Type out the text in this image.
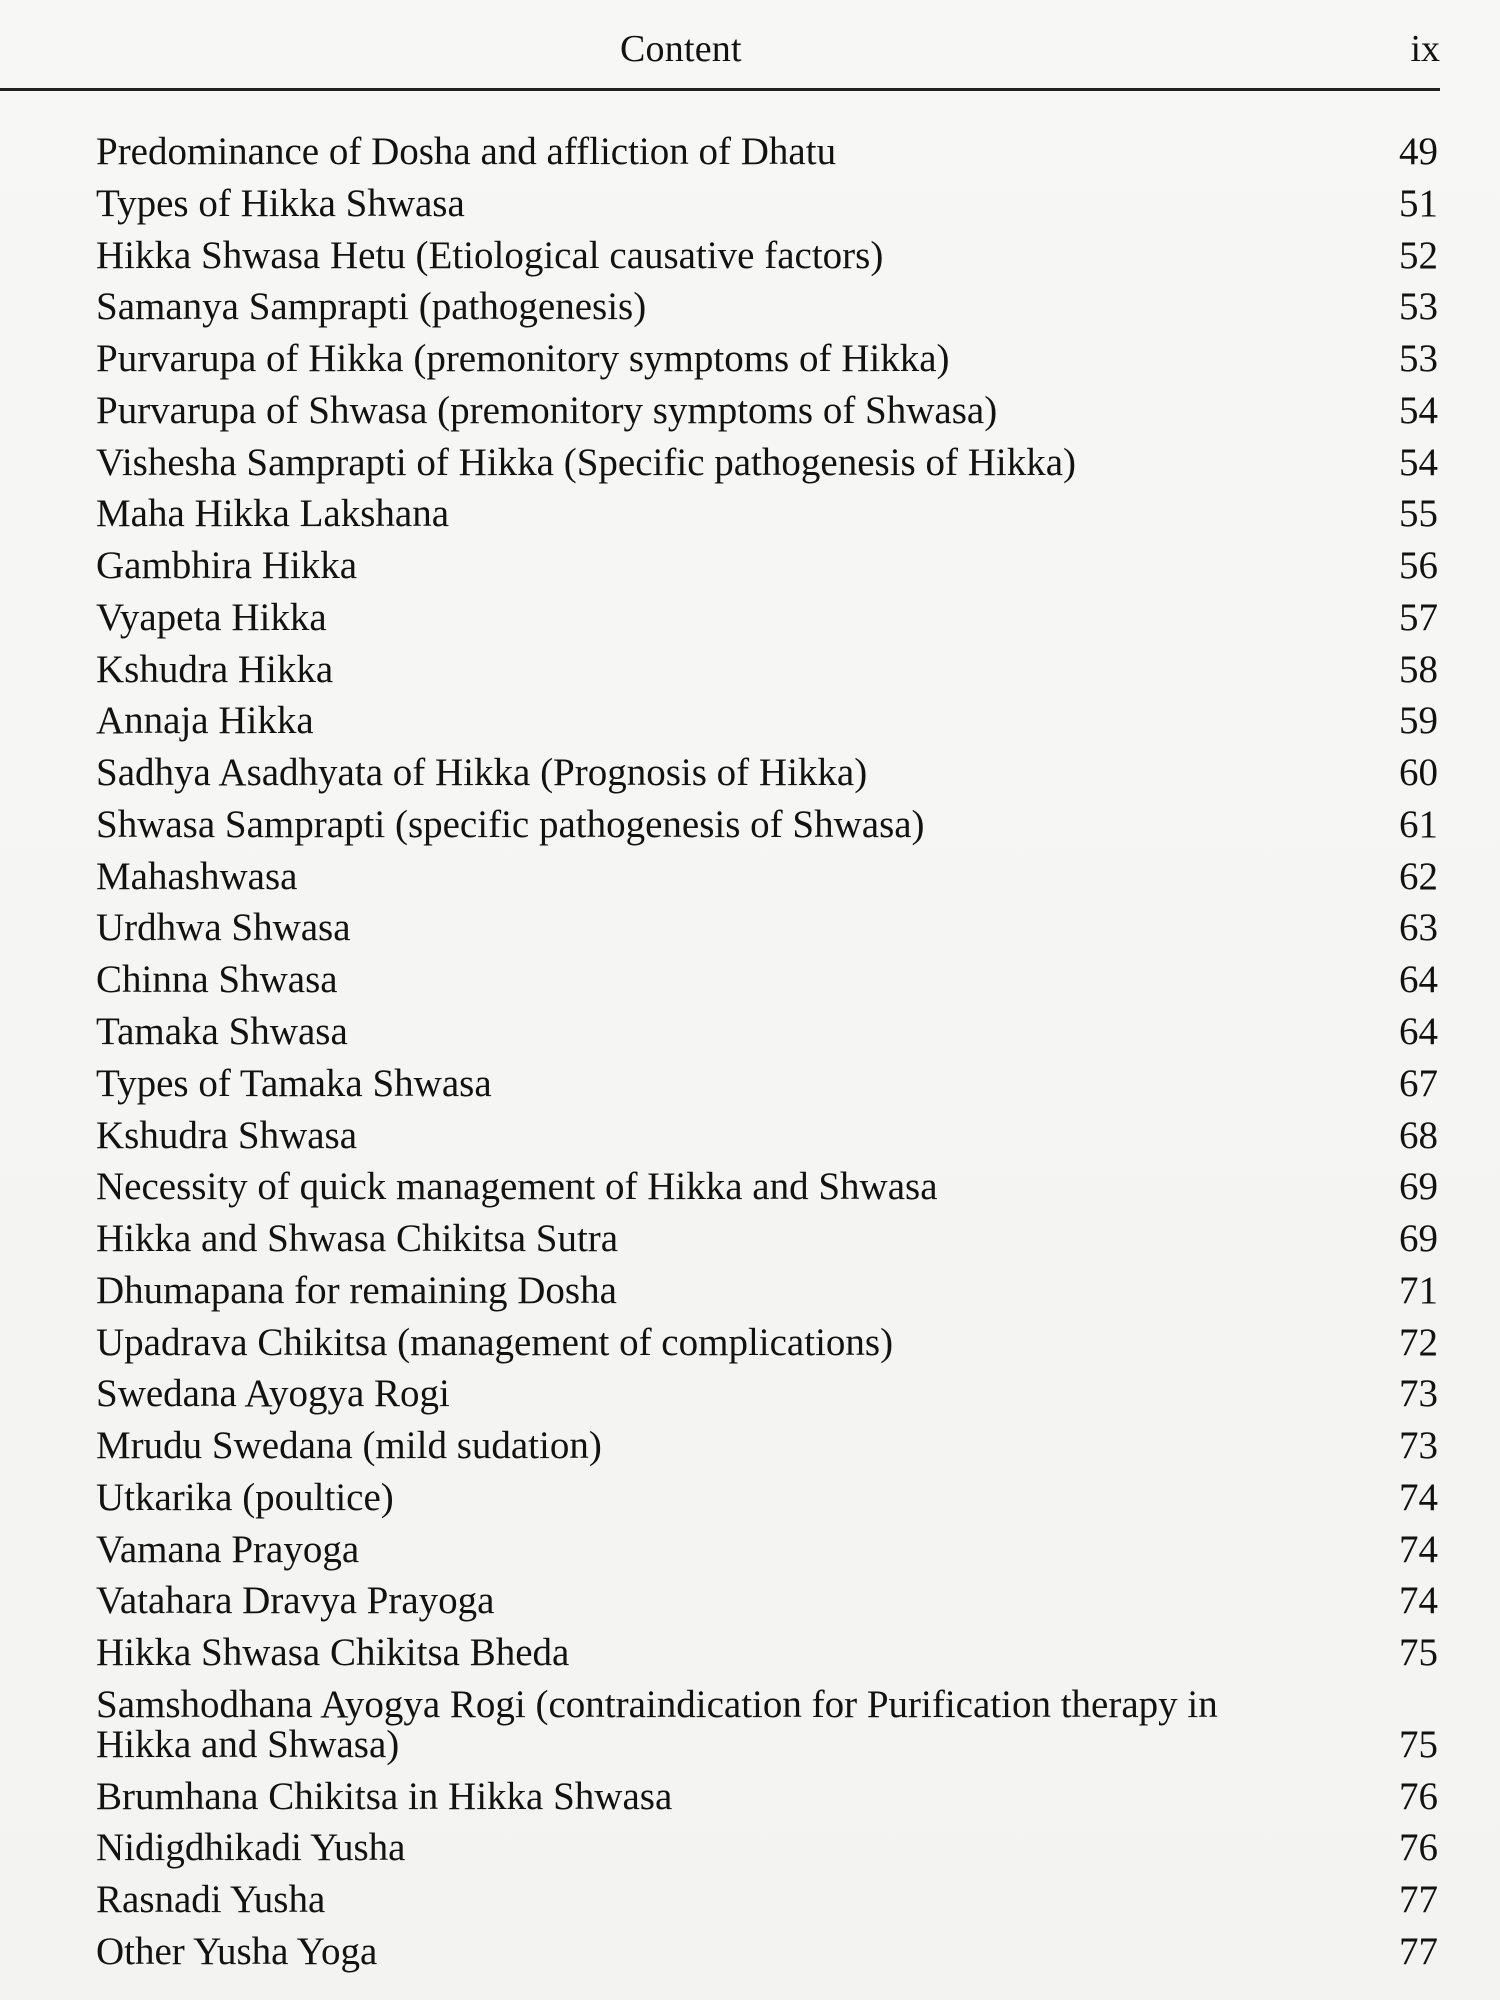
Content	ix
Predominance of Dosha and affliction of Dhatu	49
Types of Hikka Shwasa	51
Hikka Shwasa Hetu (Etiological causative factors)	52
Samanya Samprapti (pathogenesis)	53
Purvarupa of Hikka (premonitory symptoms of Hikka)	53
Purvarupa of Shwasa (premonitory symptoms of Shwasa)	54
Vishesha Samprapti of Hikka (Specific pathogenesis of Hikka)	54
Maha Hikka Lakshana	55
Gambhira Hikka	56
Vyapeta Hikka	57
Kshudra Hikka	58
Annaja Hikka	59
Sadhya Asadhyata of Hikka (Prognosis of Hikka)	60
Shwasa Samprapti (specific pathogenesis of Shwasa)	61
Mahashwasa	62
Urdhwa Shwasa	63
Chinna Shwasa	64
Tamaka Shwasa	64
Types of Tamaka Shwasa	67
Kshudra Shwasa	68
Necessity of quick management of Hikka and Shwasa	69
Hikka and Shwasa Chikitsa Sutra	69
Dhumapana for remaining Dosha	71
Upadrava Chikitsa (management of complications)	72
Swedana Ayogya Rogi	73
Mrudu Swedana (mild sudation)	73
Utkarika (poultice)	74
Vamana Prayoga	74
Vatahara Dravya Prayoga	74
Hikka Shwasa Chikitsa Bheda	75
Samshodhana Ayogya Rogi (contraindication for Purification therapy in
Hikka and Shwasa)	75
Brumhana Chikitsa in Hikka Shwasa	76
Nidigdhikadi Yusha	76
Rasnadi Yusha	77
Other Yusha Yoga	77
